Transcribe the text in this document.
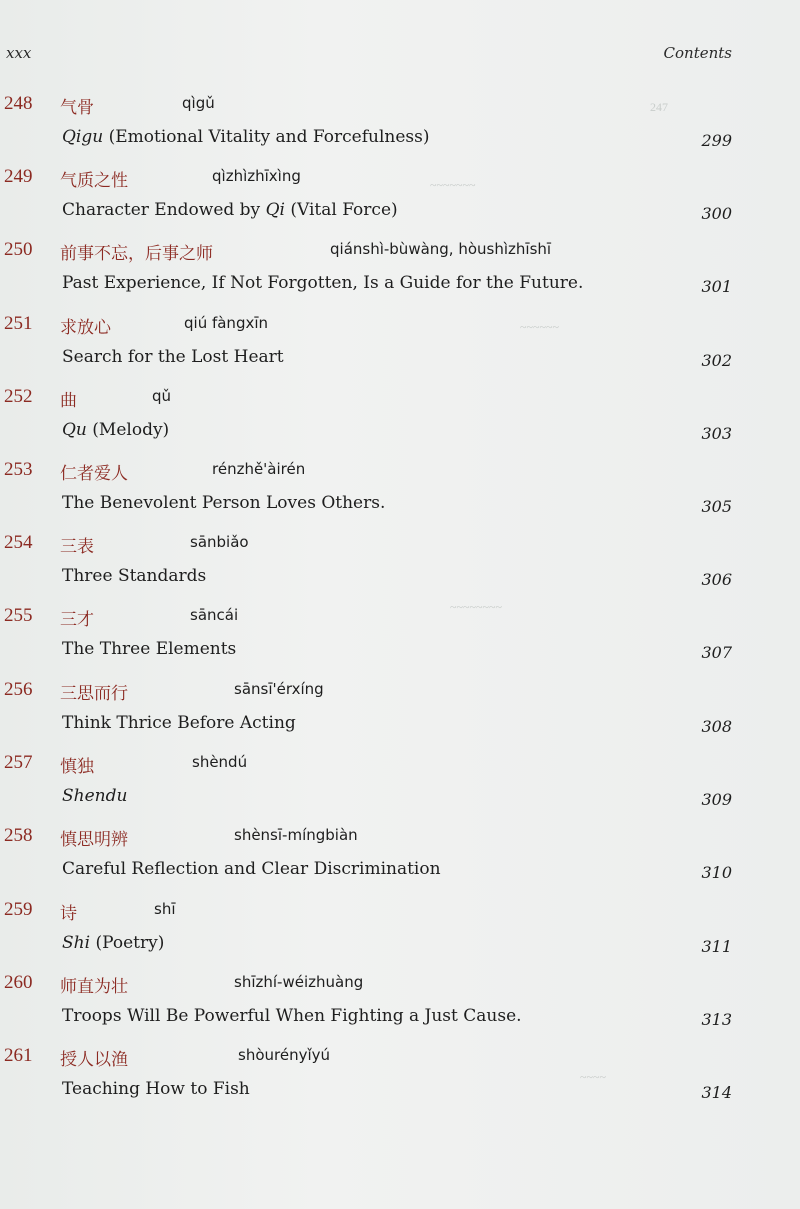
247
~~~~~~~
~~~~~~
~~~~~~~~
~~~~
xxx	Contents
248 气骨	qìgǔ
Qigu (Emotional Vitality and Forcefulness)	299
249 气质之性	qìzhìzhīxìng
Character Endowed by Qi (Vital Force)	300
250 前事不忘，后事之师	qiánshì-bùwàng, hòushìzhīshī
Past Experience, If Not Forgotten, Is a Guide for the Future.	301
251 求放心	qiú fàngxīn
Search for the Lost Heart	302
252 曲	qǔ
Qu (Melody)	303
253 仁者爱人	rénzhě'àirén
The Benevolent Person Loves Others.	305
254 三表	sānbiǎo
Three Standards	306
255 三才	sāncái
The Three Elements	307
256 三思而行	sānsī'érxíng
Think Thrice Before Acting	308
257 慎独	shèndú
Shendu	309
258 慎思明辨	shènsī-míngbiàn
Careful Reflection and Clear Discrimination	310
259 诗	shī
Shi (Poetry)	311
260 师直为壮	shīzhí-wéizhuàng
Troops Will Be Powerful When Fighting a Just Cause.	313
261 授人以渔	shòurényǐyú
Teaching How to Fish	314
